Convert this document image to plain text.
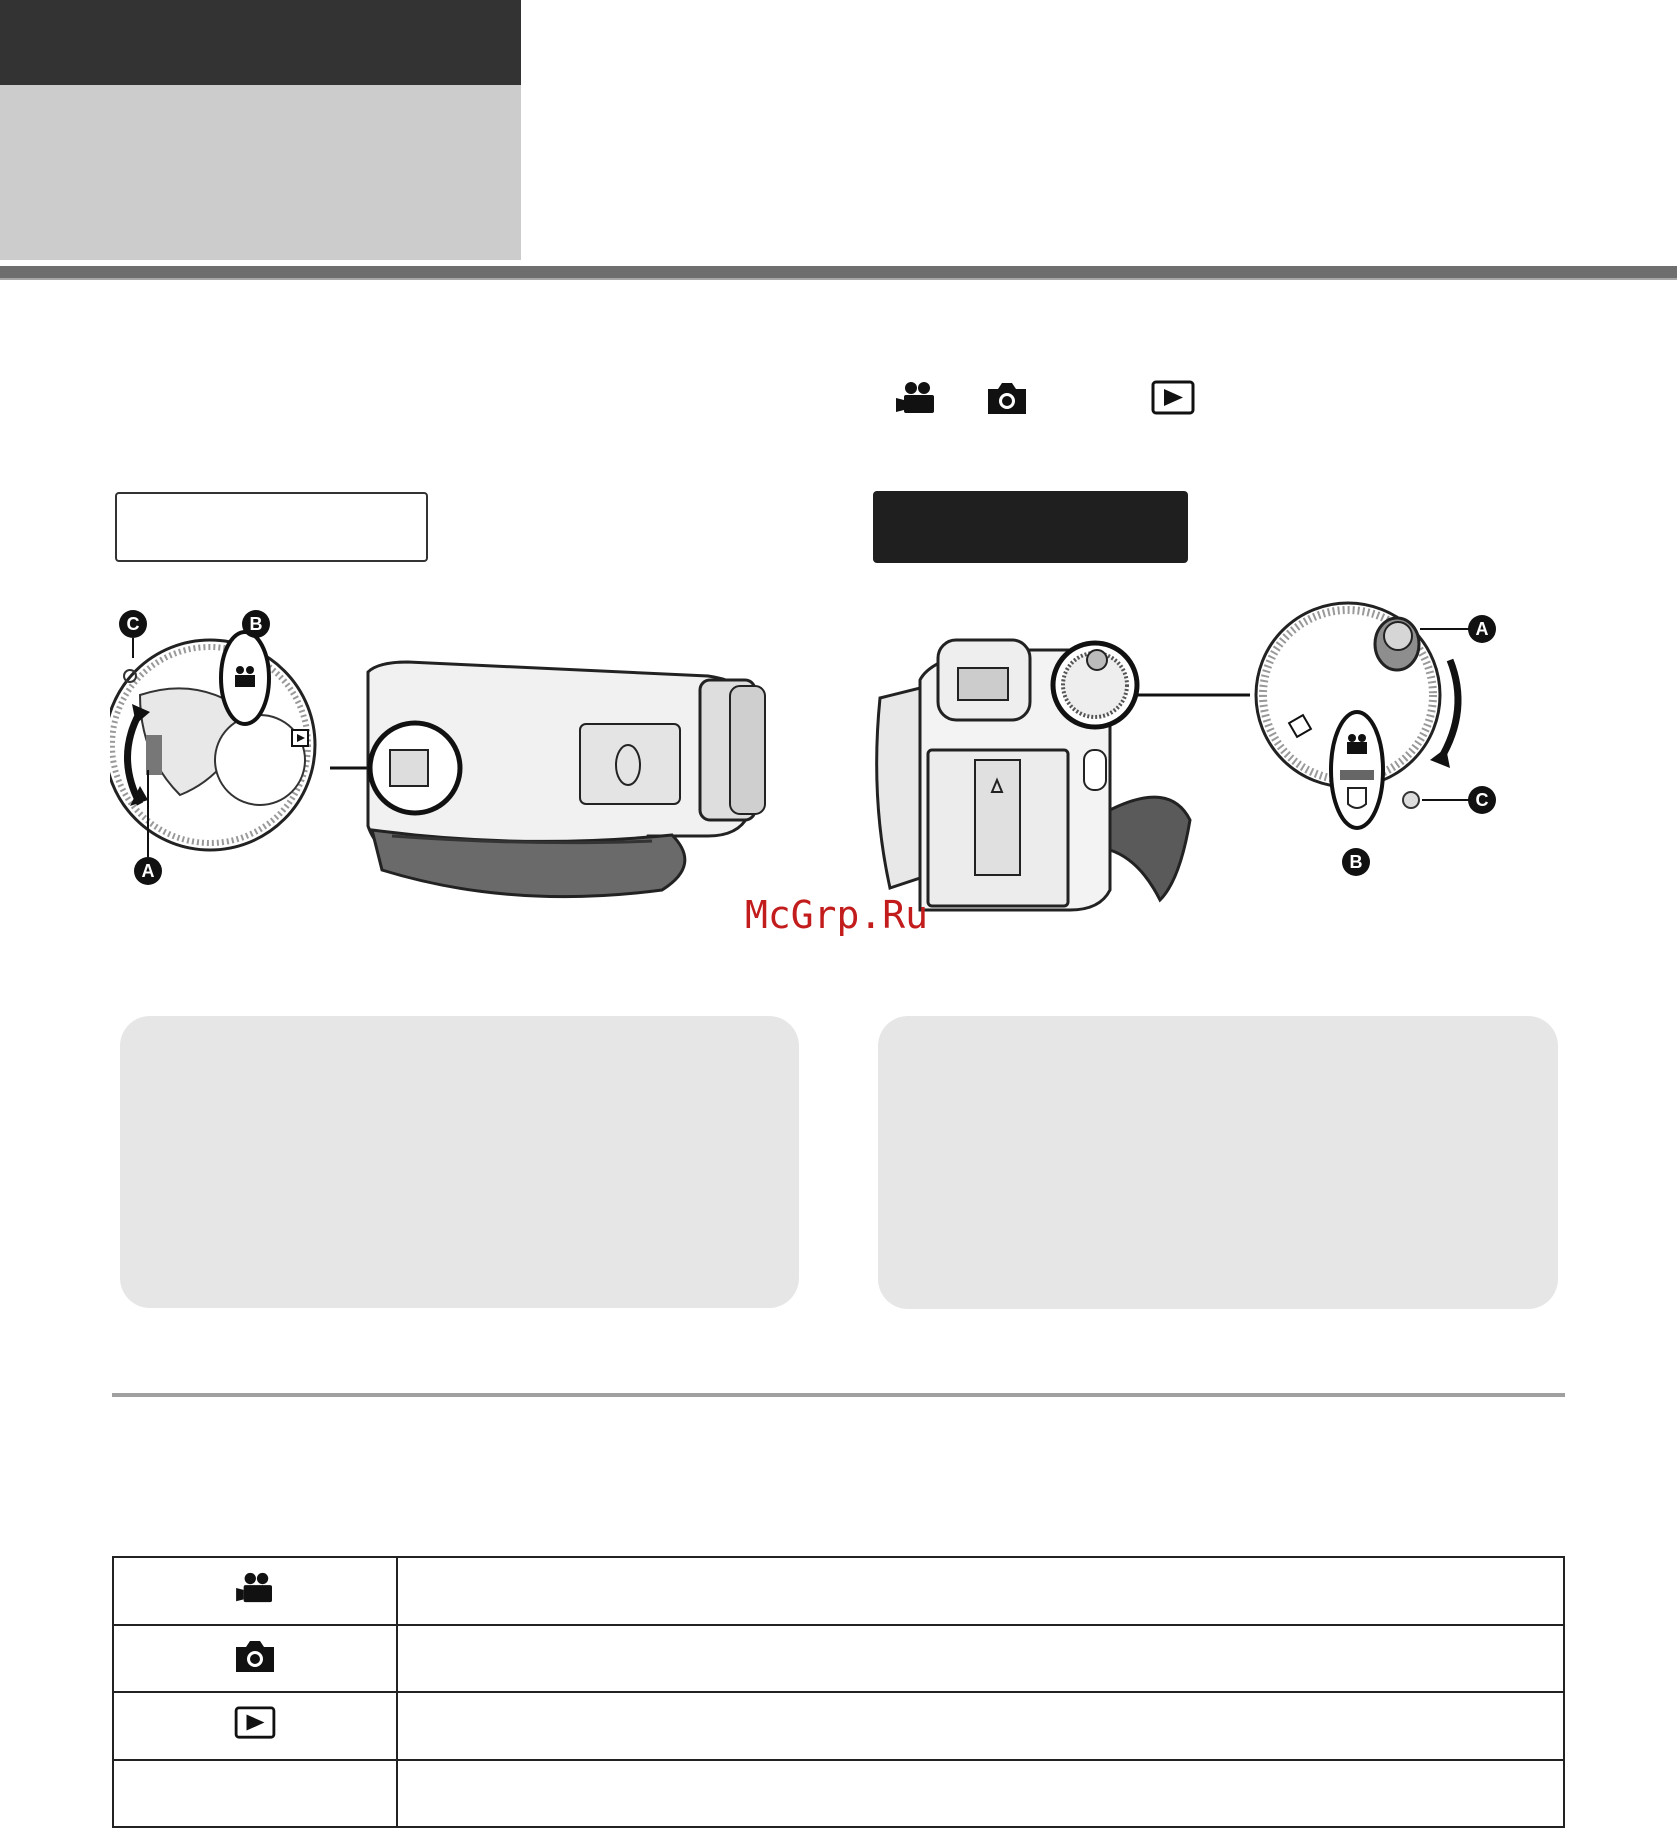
C	B
A
A
C
B
McGrp.Ru
